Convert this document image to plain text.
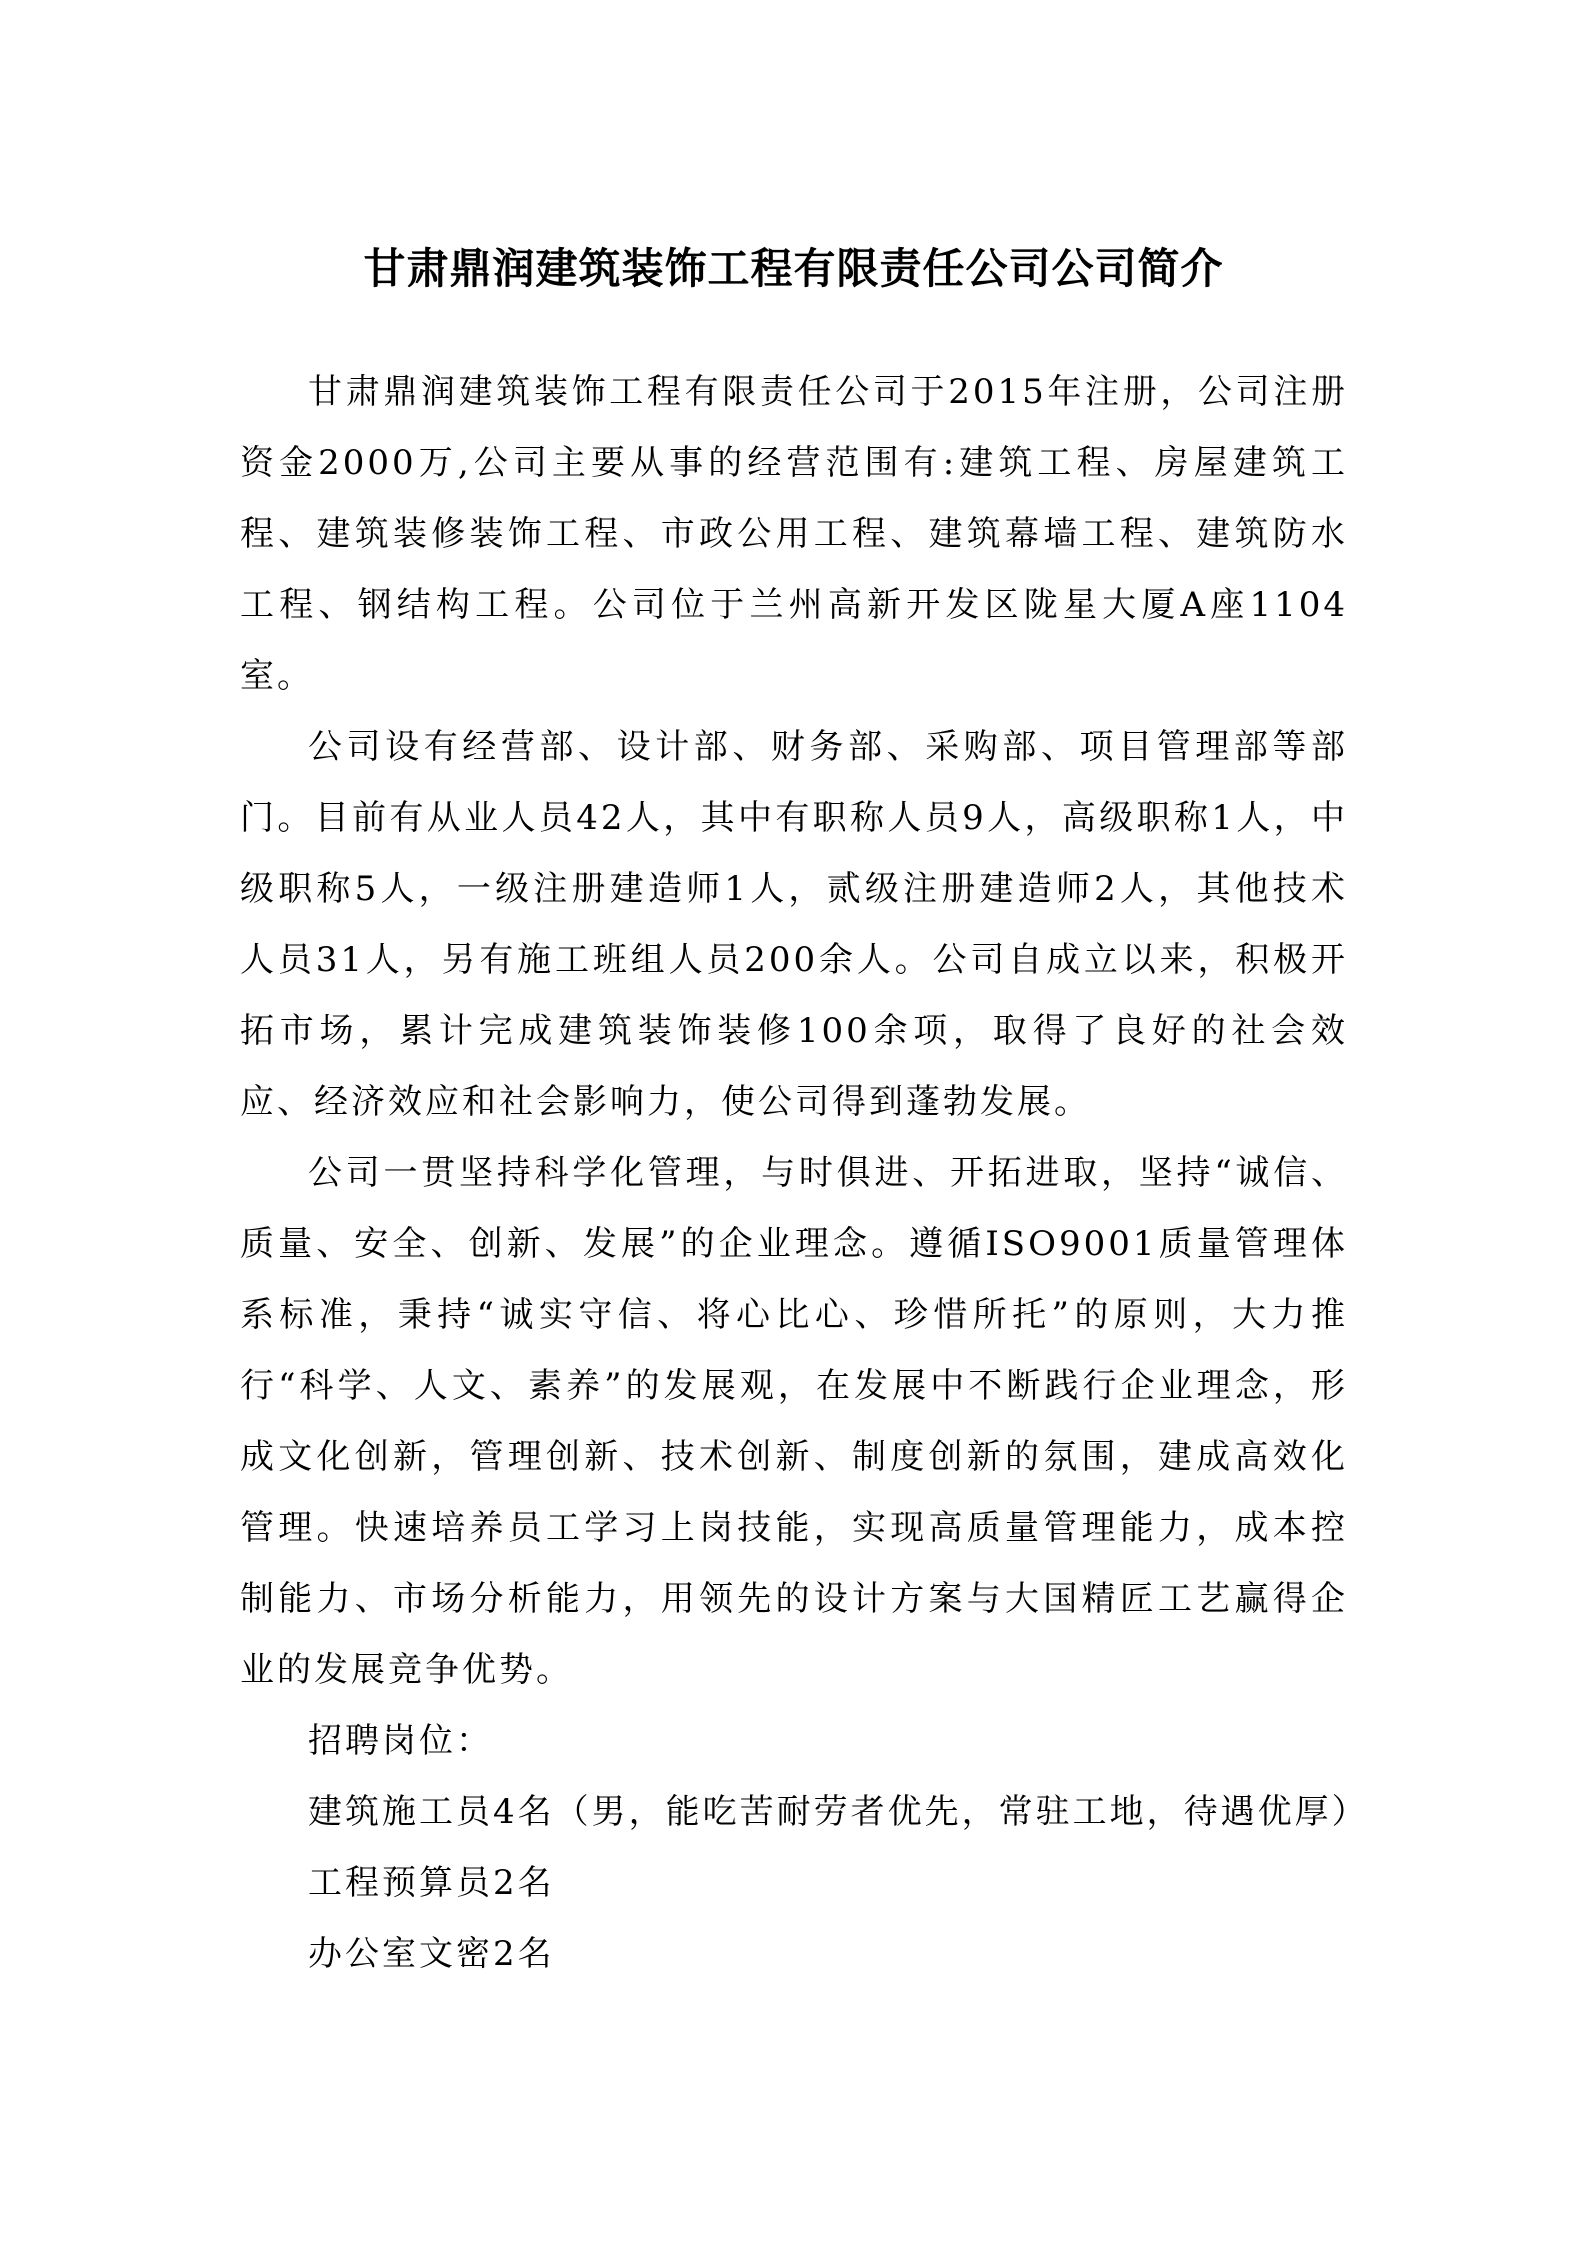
甘肃鼎润建筑装饰工程有限责任公司公司简介

甘肃鼎润建筑装饰工程有限责任公司于2015年注册，公司注册资金2000万,公司主要从事的经营范围有:建筑工程、房屋建筑工程、建筑装修装饰工程、市政公用工程、建筑幕墙工程、建筑防水工程、钢结构工程。公司位于兰州高新开发区陇星大厦A座1104室。

公司设有经营部、设计部、财务部、采购部、项目管理部等部门。目前有从业人员42人，其中有职称人员9人，高级职称1人，中级职称5人，一级注册建造师1人，贰级注册建造师2人，其他技术人员31人，另有施工班组人员200余人。公司自成立以来，积极开拓市场，累计完成建筑装饰装修100余项，取得了良好的社会效应、经济效应和社会影响力，使公司得到蓬勃发展。

公司一贯坚持科学化管理，与时俱进、开拓进取，坚持“诚信、质量、安全、创新、发展”的企业理念。遵循ISO9001质量管理体系标准，秉持“诚实守信、将心比心、珍惜所托”的原则，大力推行“科学、人文、素养”的发展观，在发展中不断践行企业理念，形成文化创新，管理创新、技术创新、制度创新的氛围，建成高效化管理。快速培养员工学习上岗技能，实现高质量管理能力，成本控制能力、市场分析能力，用领先的设计方案与大国精匠工艺赢得企业的发展竞争优势。

招聘岗位：
建筑施工员4名（男，能吃苦耐劳者优先，常驻工地，待遇优厚）
工程预算员2名
办公室文密2名
